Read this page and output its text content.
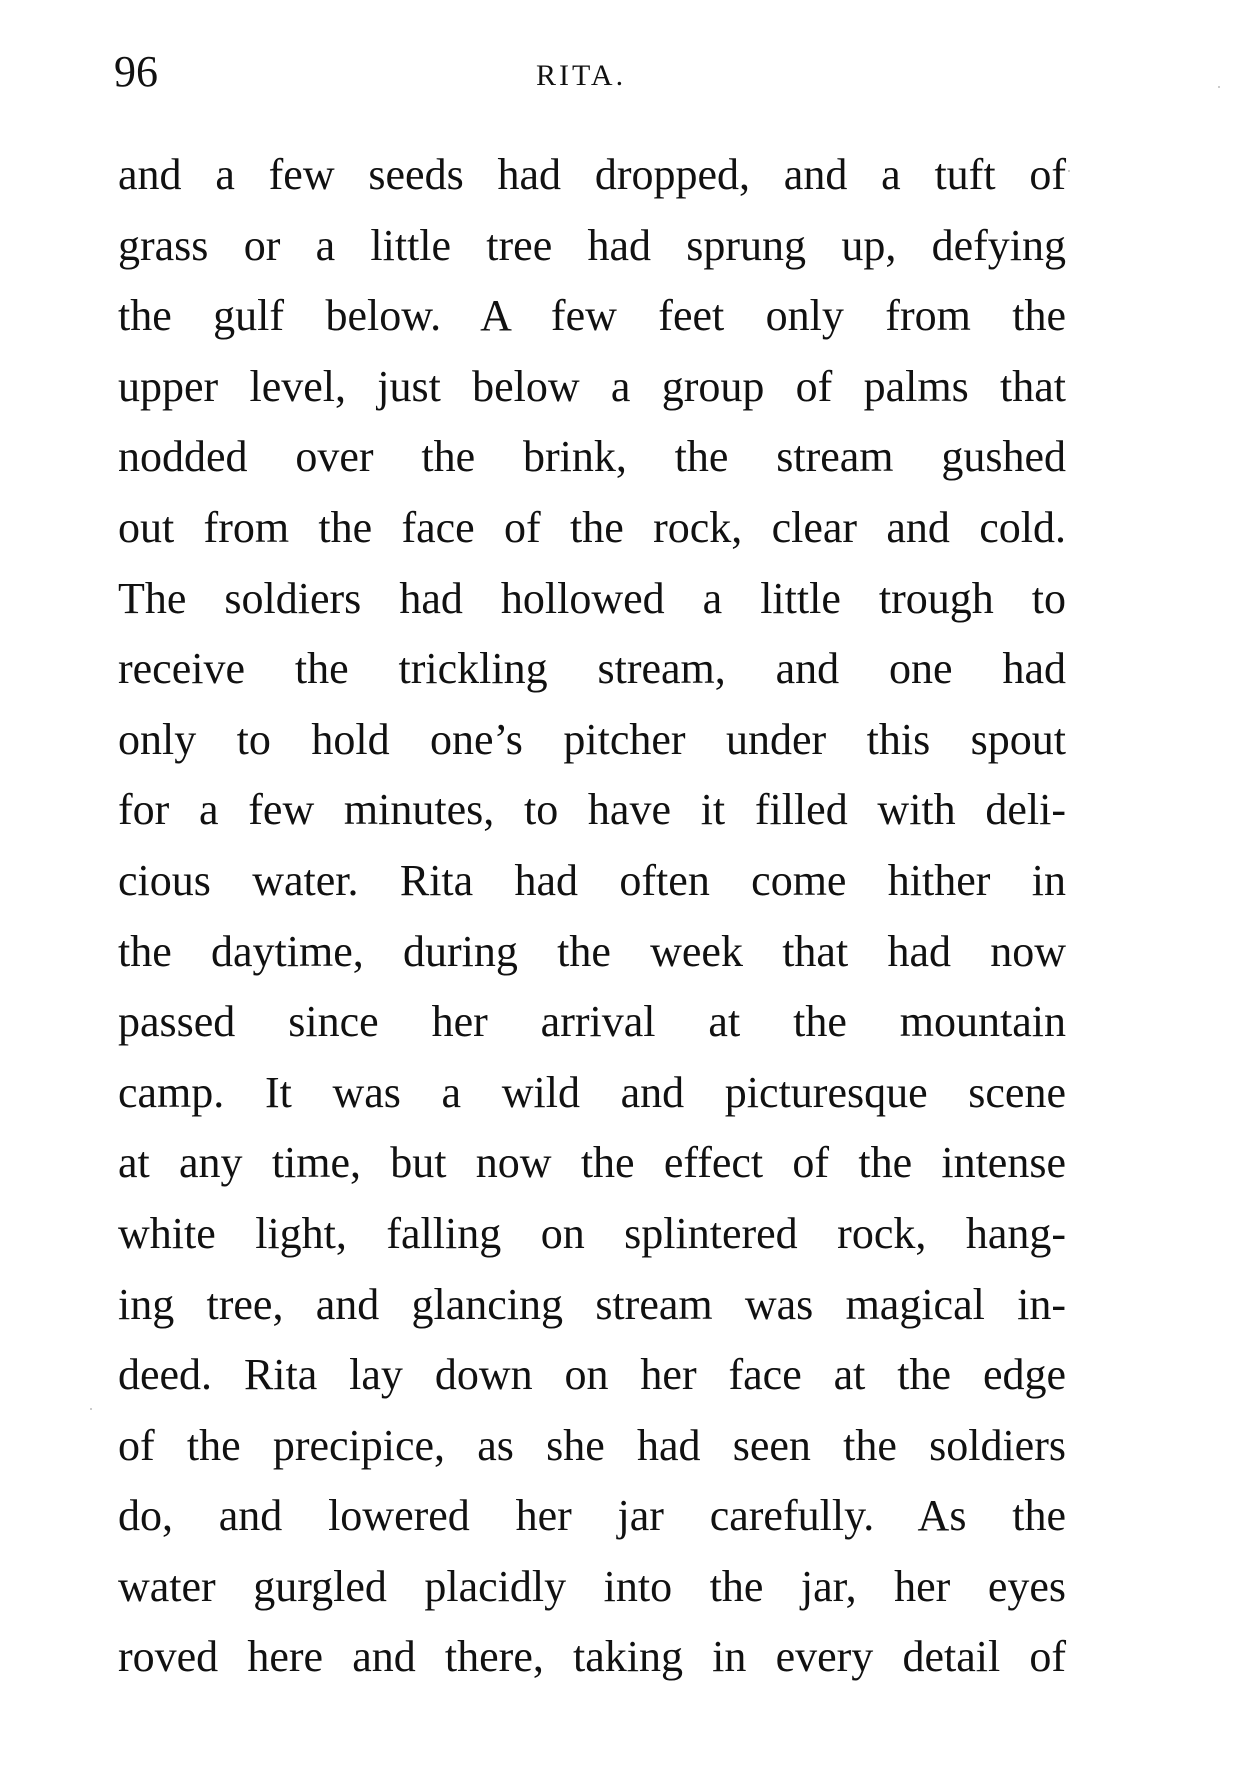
96	RITA.
and a few seeds had dropped, and a tuft of
grass or a little tree had sprung up, defying
the gulf below. A few feet only from the
upper level, just below a group of palms that
nodded over the brink, the stream gushed
out from the face of the rock, clear and cold.
The soldiers had hollowed a little trough to
receive the trickling stream, and one had
only to hold one’s pitcher under this spout
for a few minutes, to have it filled with deli-
cious water. Rita had often come hither in
the daytime, during the week that had now
passed since her arrival at the mountain
camp. It was a wild and picturesque scene
at any time, but now the effect of the intense
white light, falling on splintered rock, hang-
ing tree, and glancing stream was magical in-
deed. Rita lay down on her face at the edge
of the precipice, as she had seen the soldiers
do, and lowered her jar carefully. As the
water gurgled placidly into the jar, her eyes
roved here and there, taking in every detail of
